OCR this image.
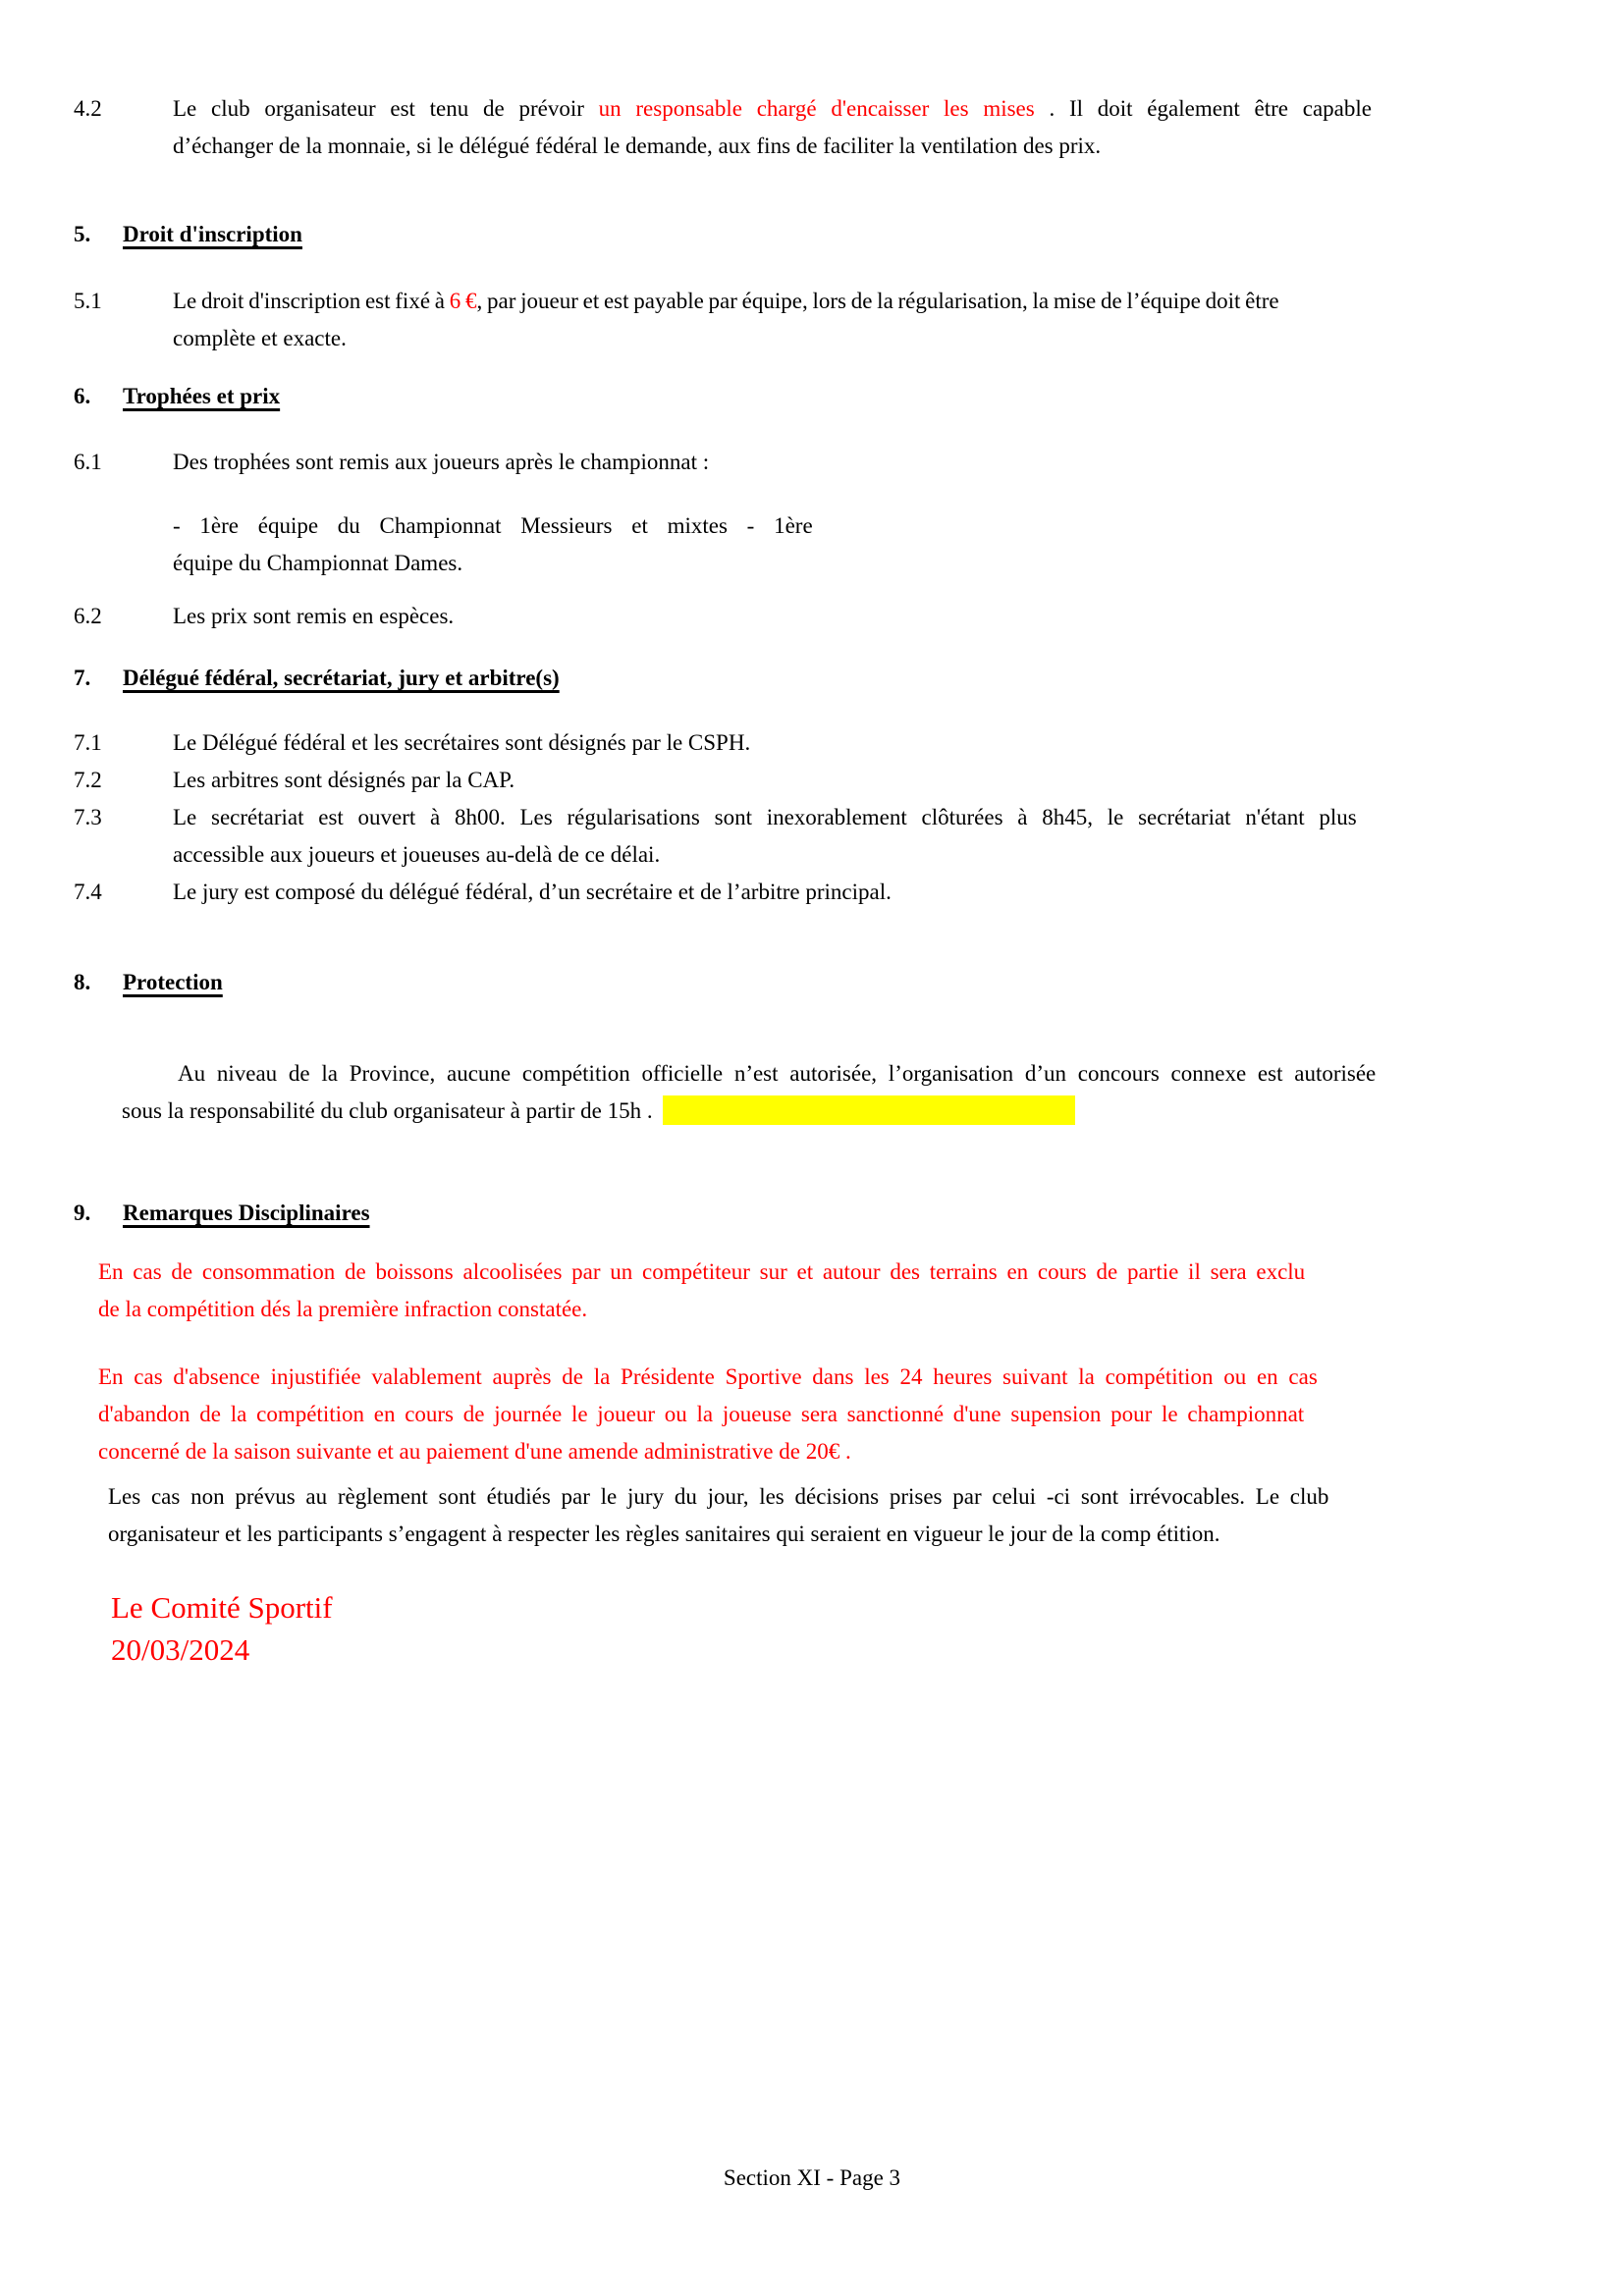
4.2	Le club organisateur est tenu de prévoir un responsable chargé d'encaisser les mises . Il doit également être capable
d’échanger de la monnaie, si le délégué fédéral le demande, aux fins de faciliter la ventilation des prix.
5.	Droit d'inscription
5.1	Le droit d'inscription est fixé à 6 €, par joueur et est payable par équipe, lors de la régularisation, la mise de l’équipe doit être
complète et exacte.
6.	Trophées et prix
6.1	Des trophées sont remis aux joueurs après le championnat :
- 1ère équipe du Championnat Messieurs et mixtes - 1ère
équipe du Championnat Dames.
6.2	Les prix sont remis en espèces.
7.	Délégué fédéral, secrétariat, jury et arbitre(s)
7.1	Le Délégué fédéral et les secrétaires sont désignés par le CSPH.
7.2	Les arbitres sont désignés par la CAP.
7.3	Le secrétariat est ouvert à 8h00. Les régularisations sont inexorablement clôturées à 8h45, le secrétariat n'étant plus
accessible aux joueurs et joueuses au-delà de ce délai.
7.4	Le jury est composé du délégué fédéral, d’un secrétaire et de l’arbitre principal.
8.	Protection
Au niveau de la Province, aucune compétition officielle n’est autorisée, l’organisation d’un concours connexe est autorisée
sous la responsabilité du club organisateur à partir de 15h .
9.	Remarques Disciplinaires
En cas de consommation de boissons alcoolisées par un compétiteur sur et autour des terrains en cours de partie il sera exclu
de la compétition dés la première infraction constatée.
En cas d'absence injustifiée valablement auprès de la Présidente Sportive dans les 24 heures suivant la compétition ou en cas
d'abandon de la compétition en cours de journée le joueur ou la joueuse sera sanctionné d'une supension pour le championnat
concerné de la saison suivante et au paiement d'une amende administrative de 20€ .
Les cas non prévus au règlement sont étudiés par le jury du jour, les décisions prises par celui -ci sont irrévocables. Le club
organisateur et les participants s’engagent à respecter les règles sanitaires qui seraient en vigueur le jour de la comp étition.
Le Comité Sportif
20/03/2024
Section XI - Page 3
